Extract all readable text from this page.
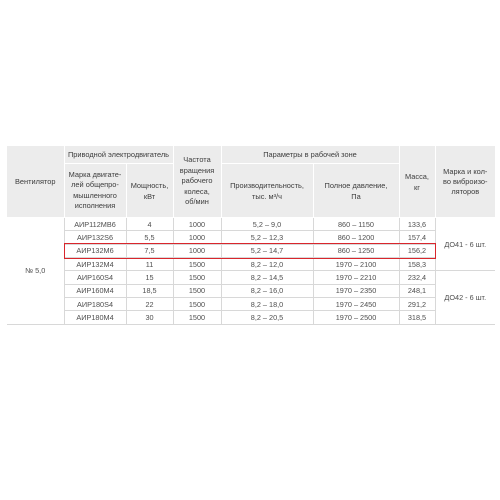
Вентилятор	Приводной электродвигатель		Частота
вращения
рабочего
колеса,
об/мин	Параметры в рабочей зоне		Масса,
кг	Марка и кол-
во виброизо-
ляторов
	Марка двигате-
лей общепро-
мышленного
исполнения	Мощность,
кВт		Производительность,
тыс. м³/ч	Полное давление,
Па		
№ 5,0	АИР112МВ6	4	1000	5,2 – 9,0	860 – 1150	133,6	ДО41 - 6 шт.
	АИР132S6	5,5	1000	5,2 – 12,3	860 – 1200	157,4	
	АИР132М6	7,5	1000	5,2 – 14,7	860 – 1250	156,2	
	АИР132М4	11	1500	8,2 – 12,0	1970 – 2100	158,3	
	АИР160S4	15	1500	8,2 – 14,5	1970 – 2210	232,4	ДО42 - 6 шт.
	АИР160М4	18,5	1500	8,2 – 16,0	1970 – 2350	248,1	
	АИР180S4	22	1500	8,2 – 18,0	1970 – 2450	291,2	
	АИР180М4	30	1500	8,2 – 20,5	1970 – 2500	318,5	
